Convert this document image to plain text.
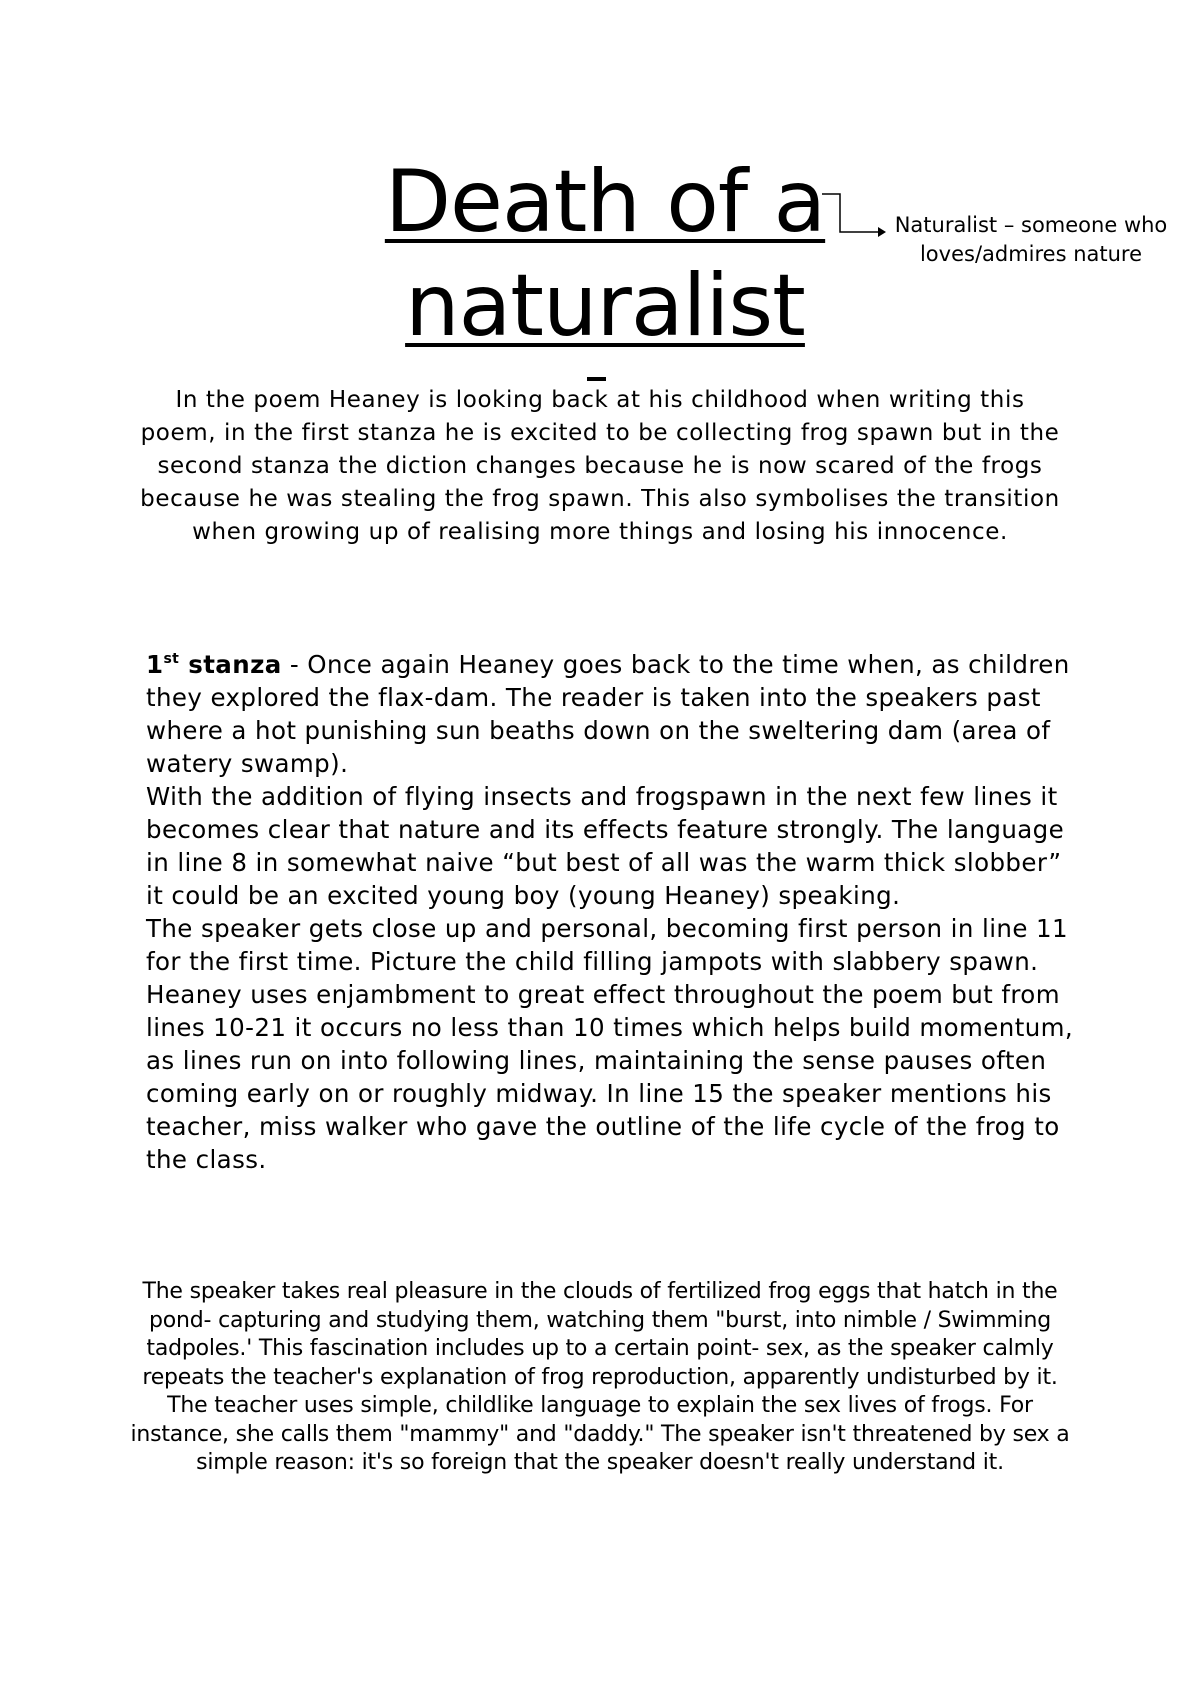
Death of a
naturalist
Naturalist – someone who loves/admires nature

In the poem Heaney is looking back at his childhood when writing this poem, in the first stanza he is excited to be collecting frog spawn but in the second stanza the diction changes because he is now scared of the frogs because he was stealing the frog spawn. This also symbolises the transition when growing up of realising more things and losing his innocence.

1st stanza - Once again Heaney goes back to the time when, as children they explored the flax-dam. The reader is taken into the speakers past where a hot punishing sun beaths down on the sweltering dam (area of watery swamp).

With the addition of flying insects and frogspawn in the next few lines it becomes clear that nature and its effects feature strongly. The language in line 8 in somewhat naive “but best of all was the warm thick slobber” it could be an excited young boy (young Heaney) speaking.

The speaker gets close up and personal, becoming first person in line 11 for the first time. Picture the child filling jampots with slabbery spawn. Heaney uses enjambment to great effect throughout the poem but from lines 10-21 it occurs no less than 10 times which helps build momentum, as lines run on into following lines, maintaining the sense pauses often coming early on or roughly midway. In line 15 the speaker mentions his teacher, miss walker who gave the outline of the life cycle of the frog to the class.

The speaker takes real pleasure in the clouds of fertilized frog eggs that hatch in the pond- capturing and studying them, watching them "burst, into nimble / Swimming tadpoles.' This fascination includes up to a certain point- sex, as the speaker calmly repeats the teacher's explanation of frog reproduction, apparently undisturbed by it. The teacher uses simple, childlike language to explain the sex lives of frogs. For instance, she calls them "mammy" and "daddy." The speaker isn't threatened by sex a simple reason: it's so foreign that the speaker doesn't really understand it.
